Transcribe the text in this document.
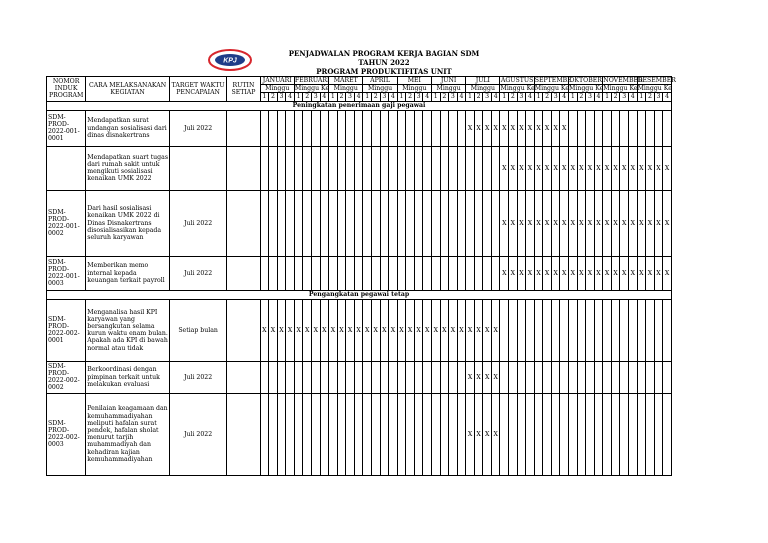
PENJADWALAN PROGRAM KERJA BAGIAN SDM
TAHUN 2022
PROGRAM PRODUKTIFITAS UNIT
KPJ
NOMOR INDUK PROGRAM	CARA MELAKSANAKAN KEGIATAN	TARGET WAKTU PENCAPAIAN	RUTIN SETIAP	JANUARI				FEBRUARI				MARET				APRIL				MEI				JUNI				JULI				AGUSTUS				SEPTEMBE				OKTOBER				NOVEMBER				DESEMBER			
				Minggu				Minggu Ke				Minggu				Minggu				Minggu				Minggu				Minggu				Minggu Ke				Minggu Ke				Minggu Ke				Minggu Ke				Minggu Ke			
				1	2	3	4	1	2	3	4	1	2	3	4	1	2	3	4	1	2	3	4	1	2	3	4	1	2	3	4	1	2	3	4	1	2	3	4	1	2	3	4	1	2	3	4	1	2	3	4
Peningkatan penerimaan gaji pegawai																																																			
SDM-PROD-2022-001-0001	Mendapatkan surat undangan sosialisasi dari dinas disnakertrans	Juli 2022																										X	X	X	X	X	X	X	X	X	X	X	X												
	Mendapatkan suart tugas dari rumah sakit untuk mengikuti sosialisasi kenaikan UMK 2022																															X	X	X	X	X	X	X	X	X	X	X	X	X	X	X	X	X	X	X	X
SDM-PROD-2022-001-0002	Dari hasil sosialisasi kenaikan UMK 2022 di Dinas Disnakertrans disosialisasikan kepada seluruh karyawan	Juli 2022																														X	X	X	X	X	X	X	X	X	X	X	X	X	X	X	X	X	X	X	X
SDM-PROD-2022-001-0003	Memberikan memo internal kepada keuangan terkait payroll	Juli 2022																														X	X	X	X	X	X	X	X	X	X	X	X	X	X	X	X	X	X	X	X
Pengangkatan pegawai tetap																																																			
SDM-PROD-2022-002-0001	Menganalisa hasil KPI karyawan yang bersangkutan selama kurun waktu enam bulan. Apakah ada KPI di bawah normal atau tidak	Setiap bulan		X	X	X	X	X	X	X	X	X	X	X	X	X	X	X	X	X	X	X	X	X	X	X	X	X	X	X	X																				
SDM-PROD-2022-002-0002	Berkoordinasi dengan pimpinan terkait untuk melakukan evaluasi	Juli 2022																										X	X	X	X																				
SDM-PROD-2022-002-0003	Penilaian keagamaan dan kemuhammadiyahan meliputi hafalan surat pendek, hafalan sholat menurut tarjih muhammadiyah dan kehadiran kajian kemuhammadiyahan	Juli 2022																										X	X	X	X																				
